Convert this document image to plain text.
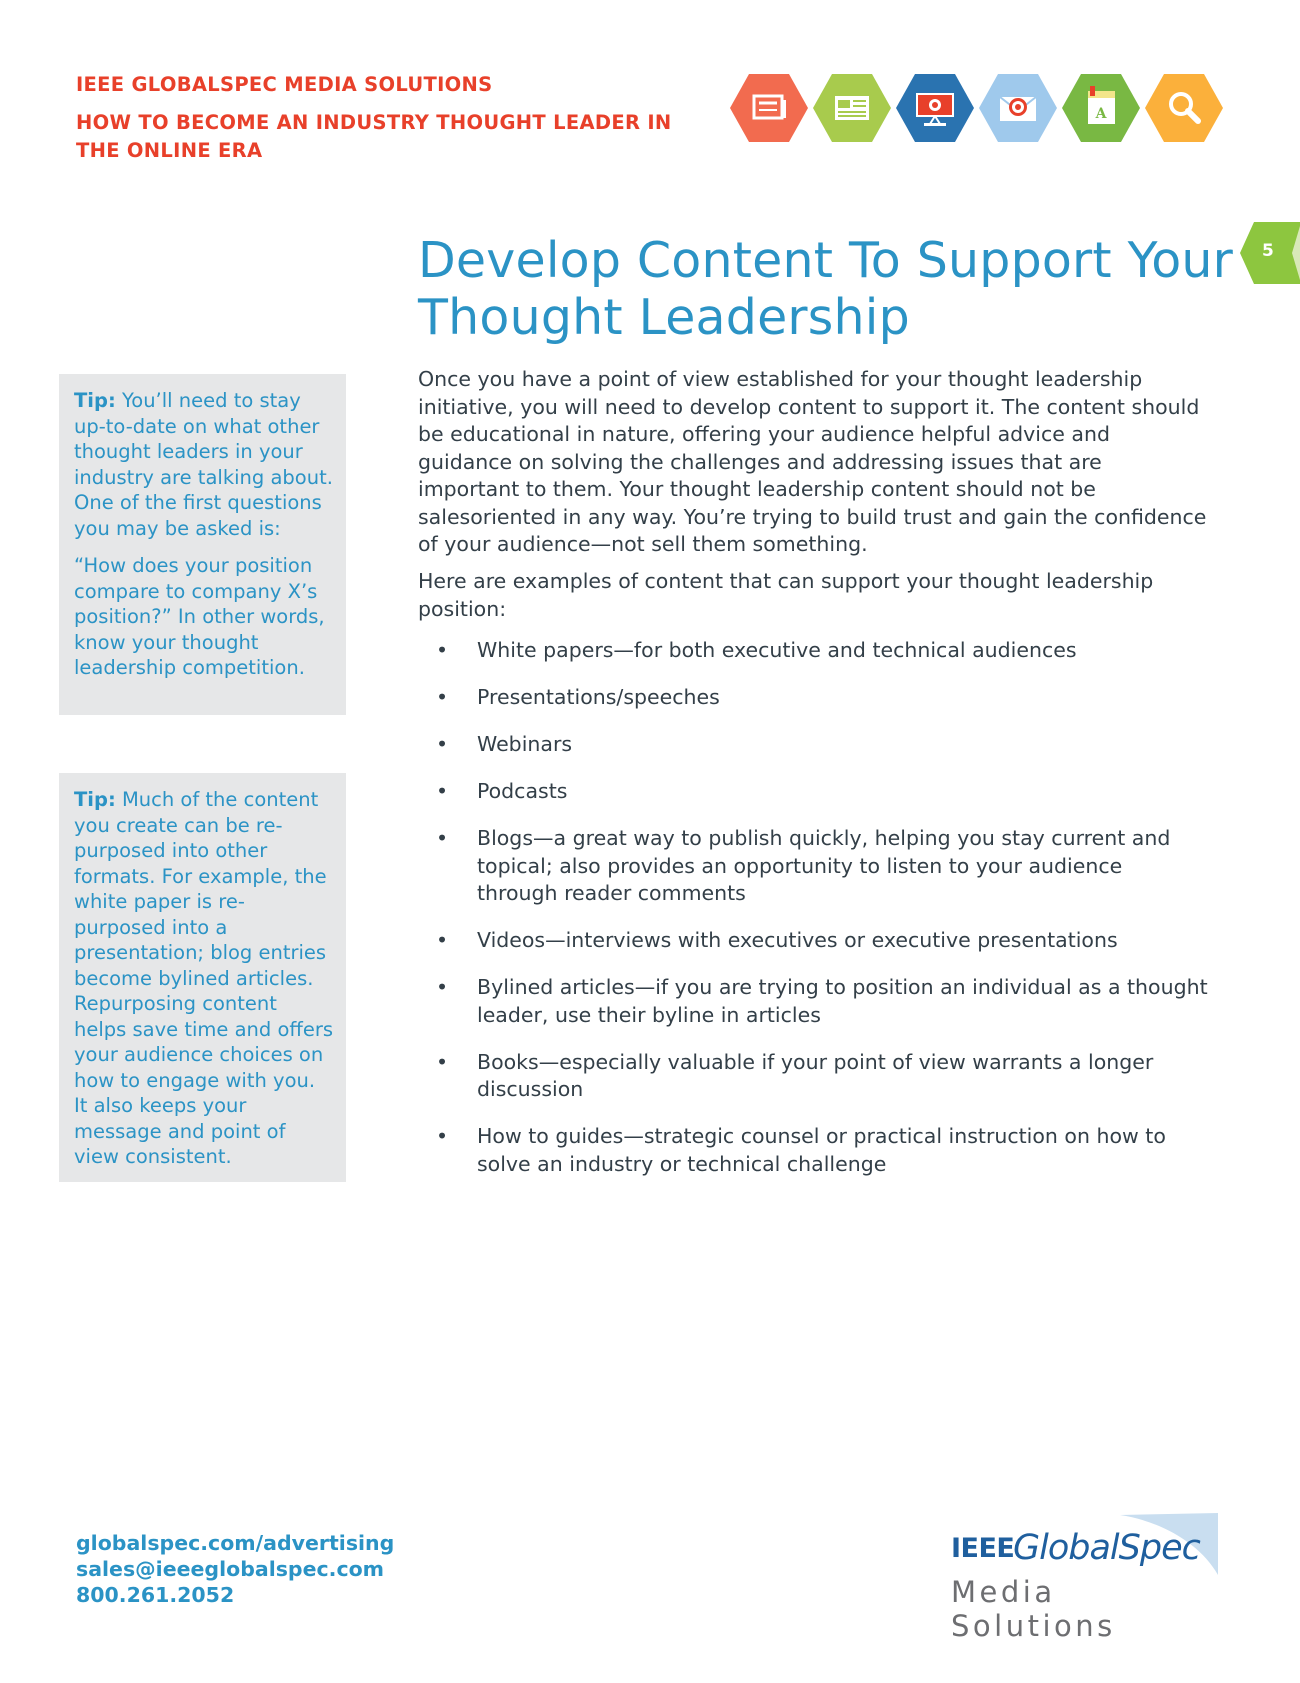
IEEE GLOBALSPEC MEDIA SOLUTIONS
HOW TO BECOME AN INDUSTRY THOUGHT LEADER IN THE ONLINE ERA
A
5
Develop Content To Support Your Thought Leadership
Once you have a point of view established for your thought leadership initiative, you will need to develop content to support it. The content should be educational in nature, offering your audience helpful advice and guidance on solving the challenges and addressing issues that are important to them. Your thought leadership content should not be salesoriented in any way. You’re trying to build trust and gain the confidence of your audience—not sell them something.
Here are examples of content that can support your thought leadership position:
• White papers—for both executive and technical audiences
• Presentations/speeches
• Webinars
• Podcasts
• Blogs—a great way to publish quickly, helping you stay current and topical; also provides an opportunity to listen to your audience through reader comments
• Videos—interviews with executives or executive presentations
• Bylined articles—if you are trying to position an individual as a thought leader, use their byline in articles
• Books—especially valuable if your point of view warrants a longer discussion
• How to guides—strategic counsel or practical instruction on how to solve an industry or technical challenge

Tip: You’ll need to stay up-to-date on what other thought leaders in your industry are talking about. One of the first questions you may be asked is:

“How does your position compare to company X’s position?” In other words, know your thought leadership competition.

Tip: Much of the content you create can be re-purposed into other formats. For example, the white paper is re-purposed into a presentation; blog entries become bylined articles. Repurposing content helps save time and offers your audience choices on how to engage with you. It also keeps your message and point of view consistent.

globalspec.com/advertising
sales@ieeeglobalspec.com
800.261.2052
IEEE
GlobalSpec
Media Solutions
